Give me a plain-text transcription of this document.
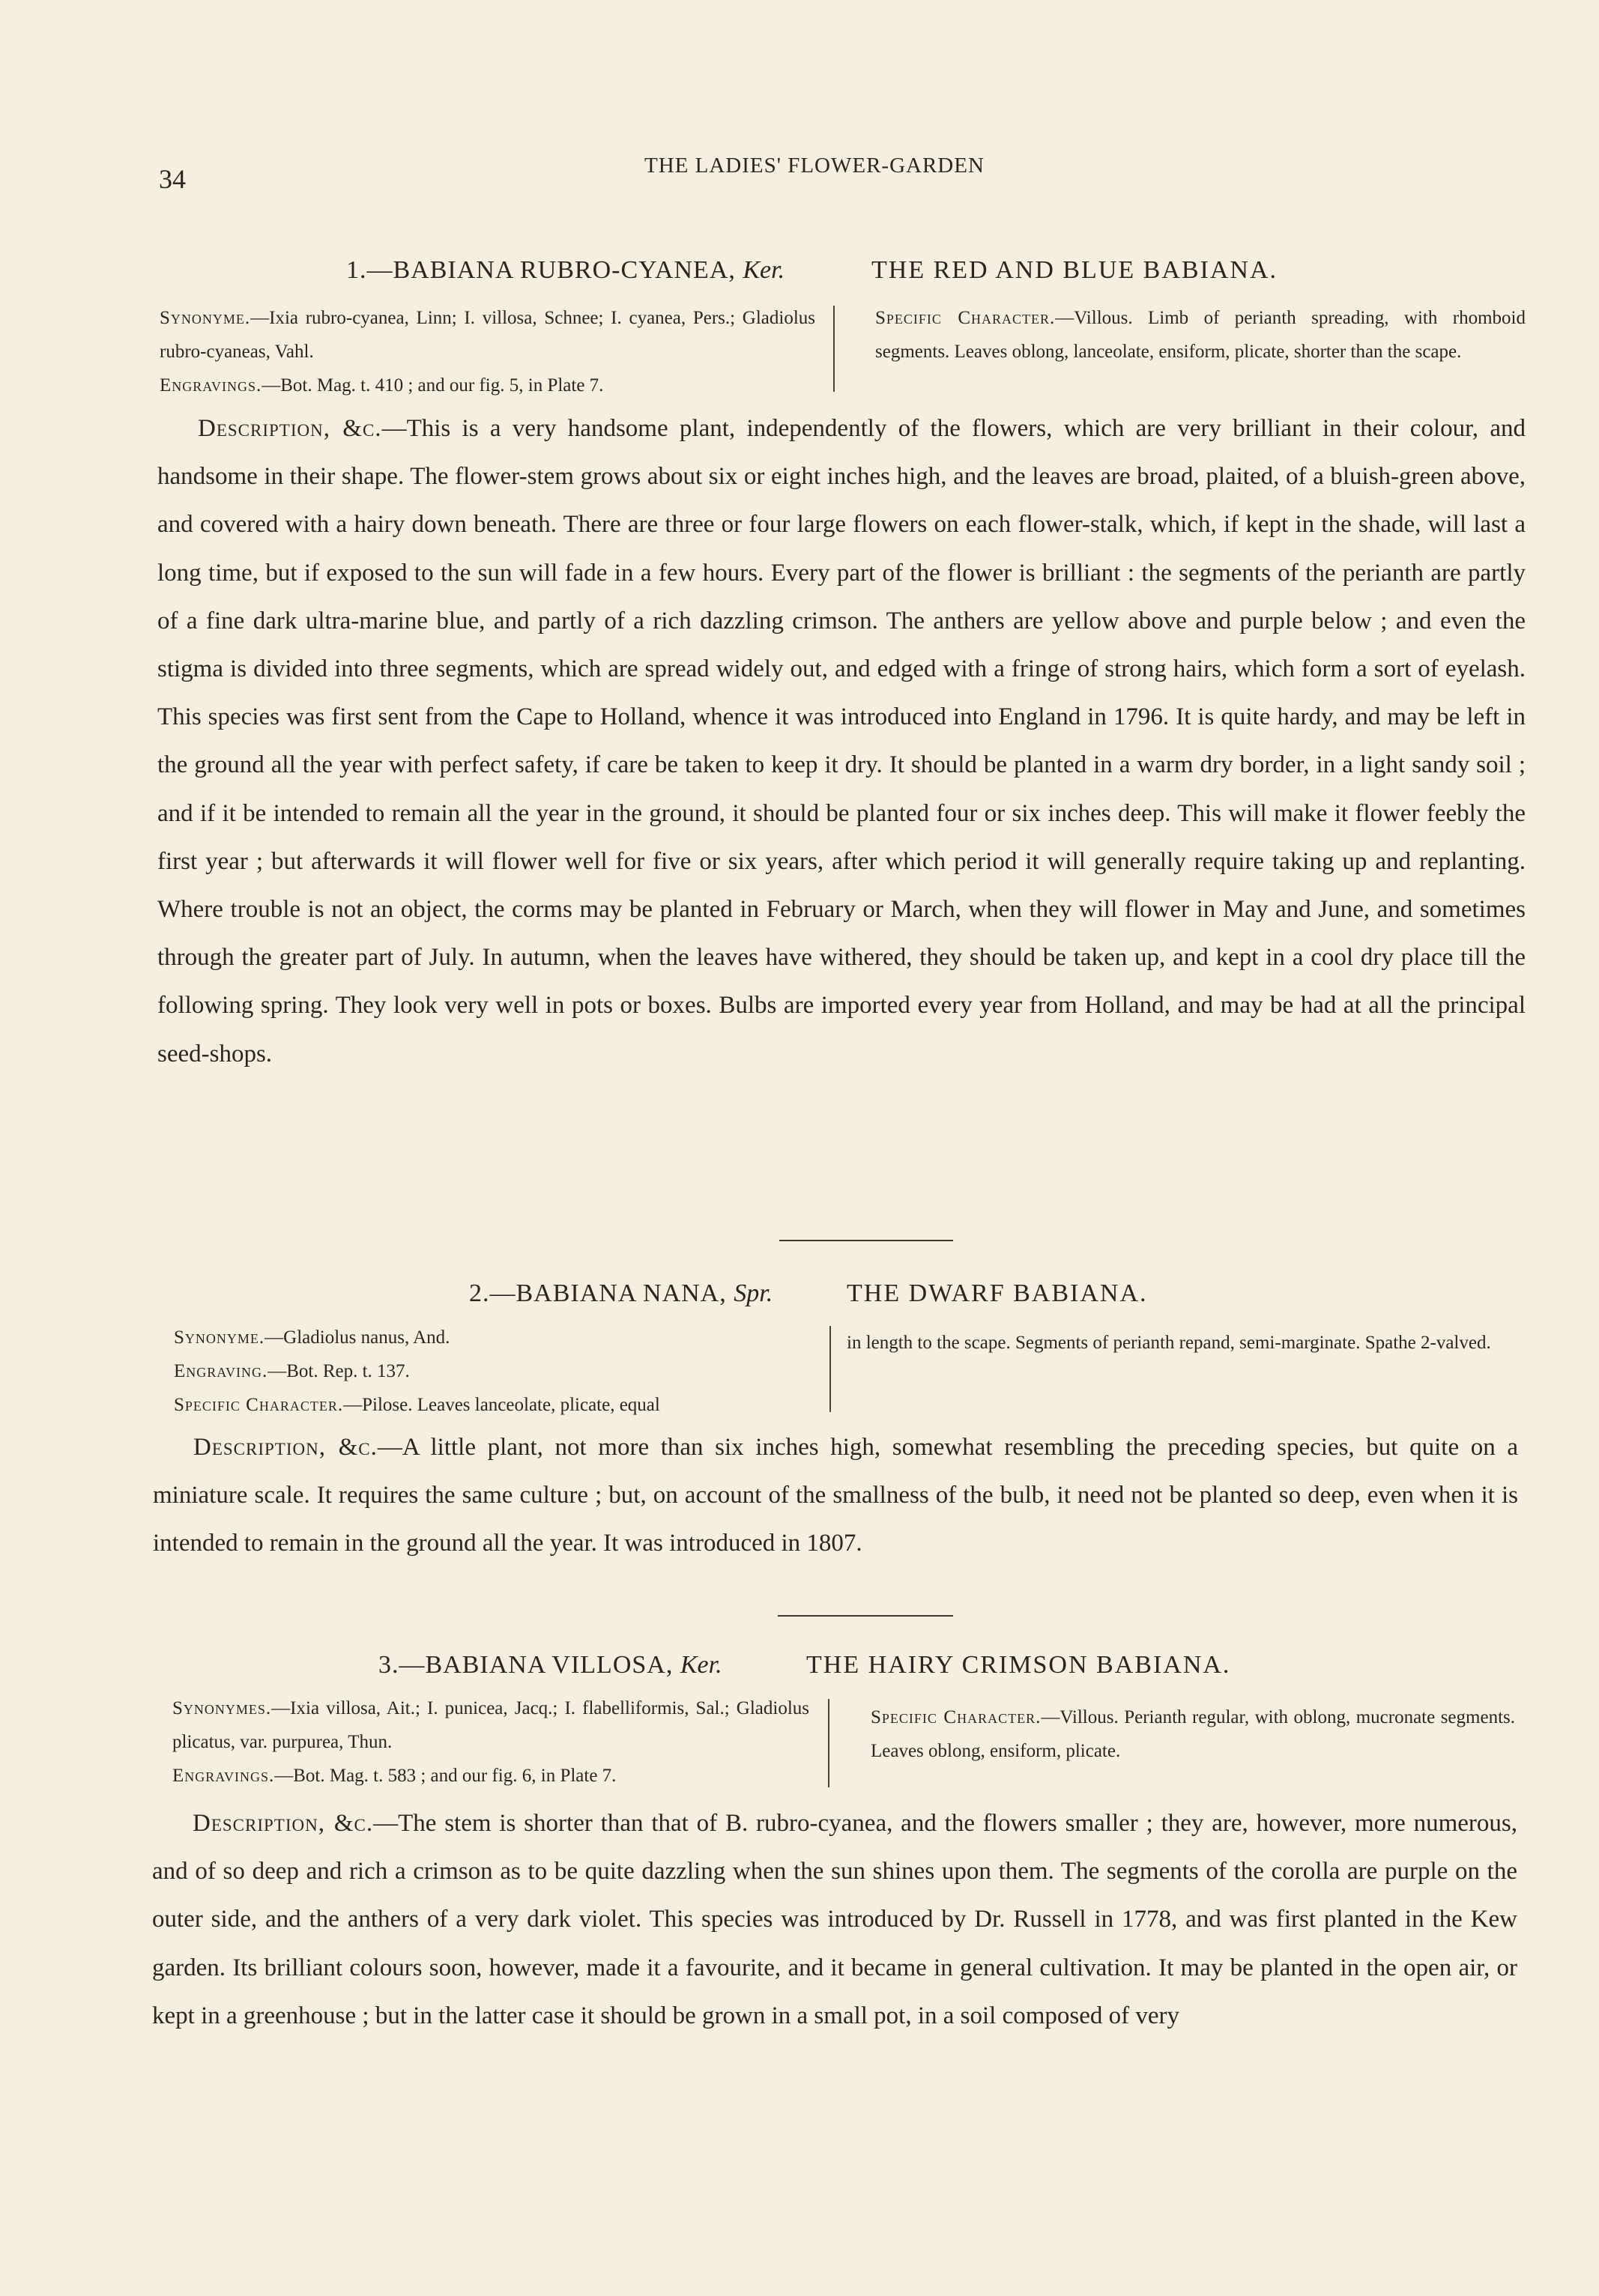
34	THE LADIES' FLOWER-GARDEN
1.—BABIANA RUBRO-CYANEA, Ker.	THE RED AND BLUE BABIANA.

Synonyme.—Ixia rubro-cyanea, Linn; I. villosa, Schnee; I. cyanea, Pers.; Gladiolus rubro-cyaneas, Vahl.

Engravings.—Bot. Mag. t. 410 ; and our fig. 5, in Plate 7.

Specific Character.—Villous. Limb of perianth spreading, with rhomboid segments. Leaves oblong, lanceolate, ensiform, plicate, shorter than the scape.

Description, &c.—This is a very handsome plant, independently of the flowers, which are very brilliant in their colour, and handsome in their shape. The flower-stem grows about six or eight inches high, and the leaves are broad, plaited, of a bluish-green above, and covered with a hairy down beneath. There are three or four large flowers on each flower-stalk, which, if kept in the shade, will last a long time, but if exposed to the sun will fade in a few hours. Every part of the flower is brilliant : the segments of the perianth are partly of a fine dark ultra-marine blue, and partly of a rich dazzling crimson. The anthers are yellow above and purple below ; and even the stigma is divided into three segments, which are spread widely out, and edged with a fringe of strong hairs, which form a sort of eyelash. This species was first sent from the Cape to Holland, whence it was introduced into England in 1796. It is quite hardy, and may be left in the ground all the year with perfect safety, if care be taken to keep it dry. It should be planted in a warm dry border, in a light sandy soil ; and if it be intended to remain all the year in the ground, it should be planted four or six inches deep. This will make it flower feebly the first year ; but afterwards it will flower well for five or six years, after which period it will generally require taking up and replanting. Where trouble is not an object, the corms may be planted in February or March, when they will flower in May and June, and sometimes through the greater part of July. In autumn, when the leaves have withered, they should be taken up, and kept in a cool dry place till the following spring. They look very well in pots or boxes. Bulbs are imported every year from Holland, and may be had at all the principal seed-shops.

2.—BABIANA NANA, Spr.	THE DWARF BABIANA.

Synonyme.—Gladiolus nanus, And.

Engraving.—Bot. Rep. t. 137.

Specific Character.—Pilose. Leaves lanceolate, plicate, equal

in length to the scape. Segments of perianth repand, semi-marginate. Spathe 2-valved.

Description, &c.—A little plant, not more than six inches high, somewhat resembling the preceding species, but quite on a miniature scale. It requires the same culture ; but, on account of the smallness of the bulb, it need not be planted so deep, even when it is intended to remain in the ground all the year. It was introduced in 1807.

3.—BABIANA VILLOSA, Ker.	THE HAIRY CRIMSON BABIANA.

Synonymes.—Ixia villosa, Ait.; I. punicea, Jacq.; I. flabelliformis, Sal.; Gladiolus plicatus, var. purpurea, Thun.

Engravings.—Bot. Mag. t. 583 ; and our fig. 6, in Plate 7.

Specific Character.—Villous. Perianth regular, with oblong, mucronate segments. Leaves oblong, ensiform, plicate.

Description, &c.—The stem is shorter than that of B. rubro-cyanea, and the flowers smaller ; they are, however, more numerous, and of so deep and rich a crimson as to be quite dazzling when the sun shines upon them. The segments of the corolla are purple on the outer side, and the anthers of a very dark violet. This species was introduced by Dr. Russell in 1778, and was first planted in the Kew garden. Its brilliant colours soon, however, made it a favourite, and it became in general cultivation. It may be planted in the open air, or kept in a greenhouse ; but in the latter case it should be grown in a small pot, in a soil composed of very
